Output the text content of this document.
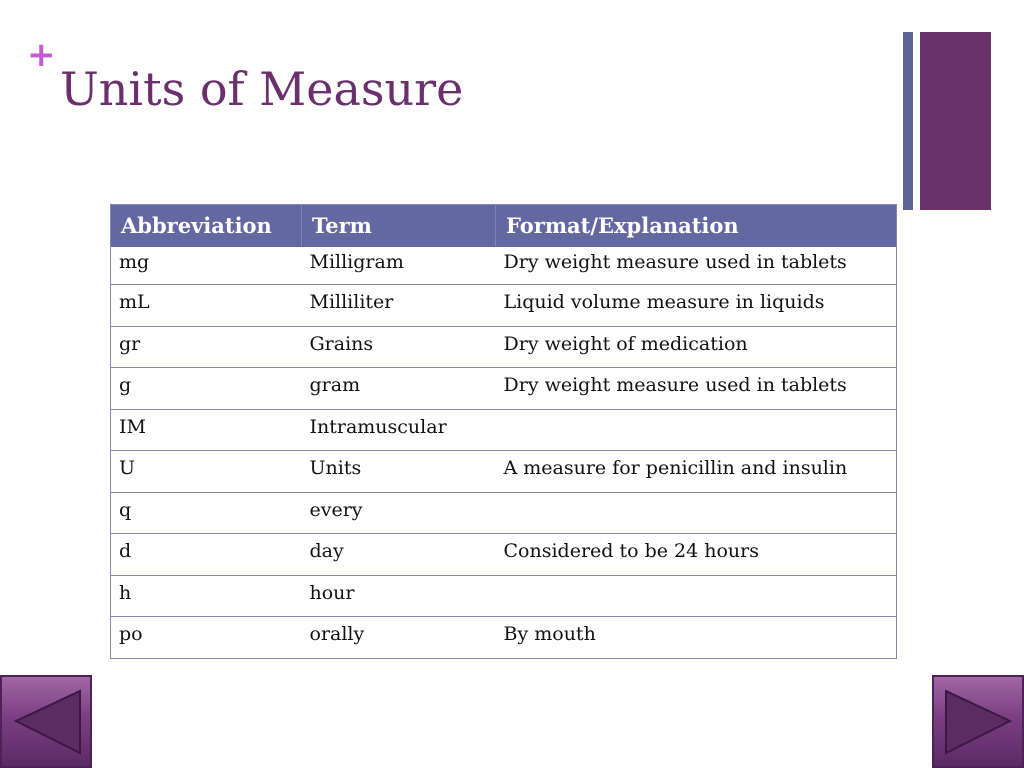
+
Units of Measure
Abbreviation	Term	Format/Explanation
mg	Milligram	Dry weight measure used in tablets
mL	Milliliter	Liquid volume measure in liquids
gr	Grains	Dry weight of medication
g	gram	Dry weight measure used in tablets
IM	Intramuscular	
U	Units	A measure for penicillin and insulin
q	every	
d	day	Considered to be 24 hours
h	hour	
po	orally	By mouth
